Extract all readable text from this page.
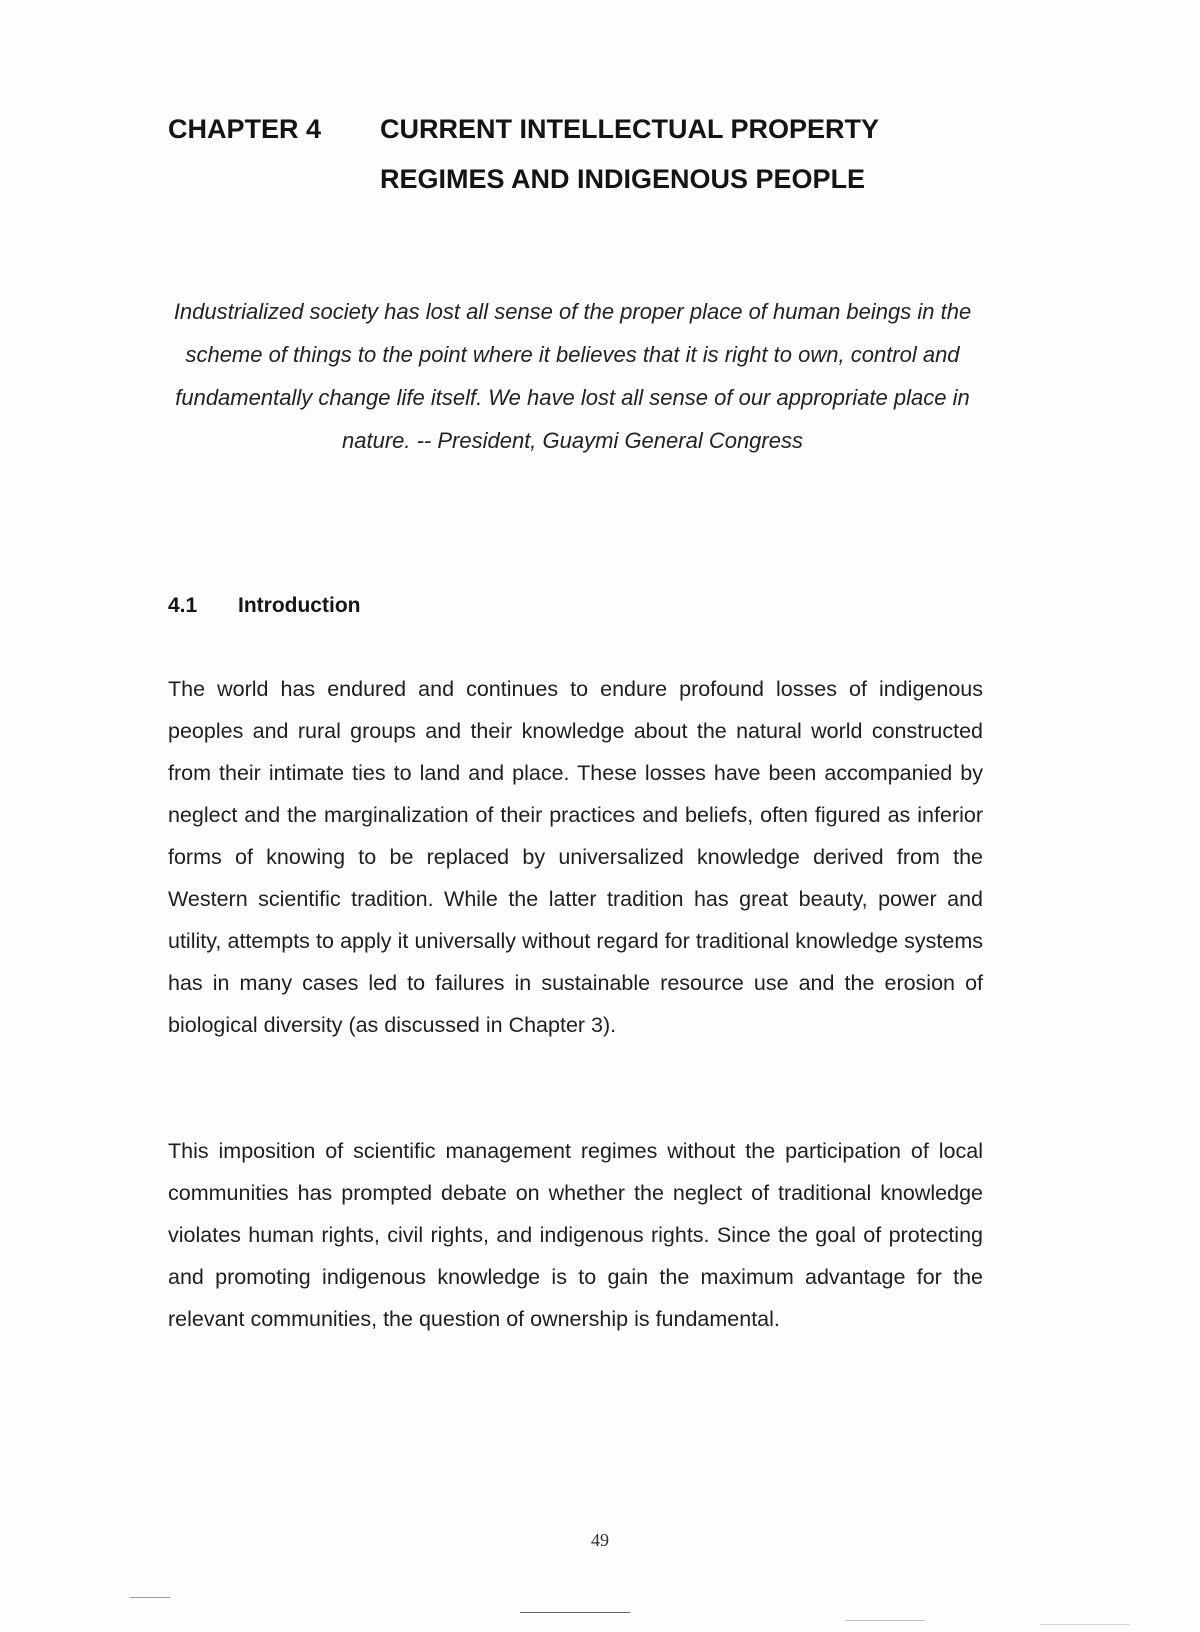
CHAPTER 4 CURRENT INTELLECTUAL PROPERTY
REGIMES AND INDIGENOUS PEOPLE

Industrialized society has lost all sense of the proper place of human beings in the scheme of things to the point where it believes that it is right to own, control and fundamentally change life itself. We have lost all sense of our appropriate place in nature. -- President, Guaymi General Congress

4.1 Introduction

The world has endured and continues to endure profound losses of indigenous peoples and rural groups and their knowledge about the natural world constructed from their intimate ties to land and place. These losses have been accompanied by neglect and the marginalization of their practices and beliefs, often figured as inferior forms of knowing to be replaced by universalized knowledge derived from the Western scientific tradition. While the latter tradition has great beauty, power and utility, attempts to apply it universally without regard for traditional knowledge systems has in many cases led to failures in sustainable resource use and the erosion of biological diversity (as discussed in Chapter 3).

This imposition of scientific management regimes without the participation of local communities has prompted debate on whether the neglect of traditional knowledge violates human rights, civil rights, and indigenous rights. Since the goal of protecting and promoting indigenous knowledge is to gain the maximum advantage for the relevant communities, the question of ownership is fundamental.

49
